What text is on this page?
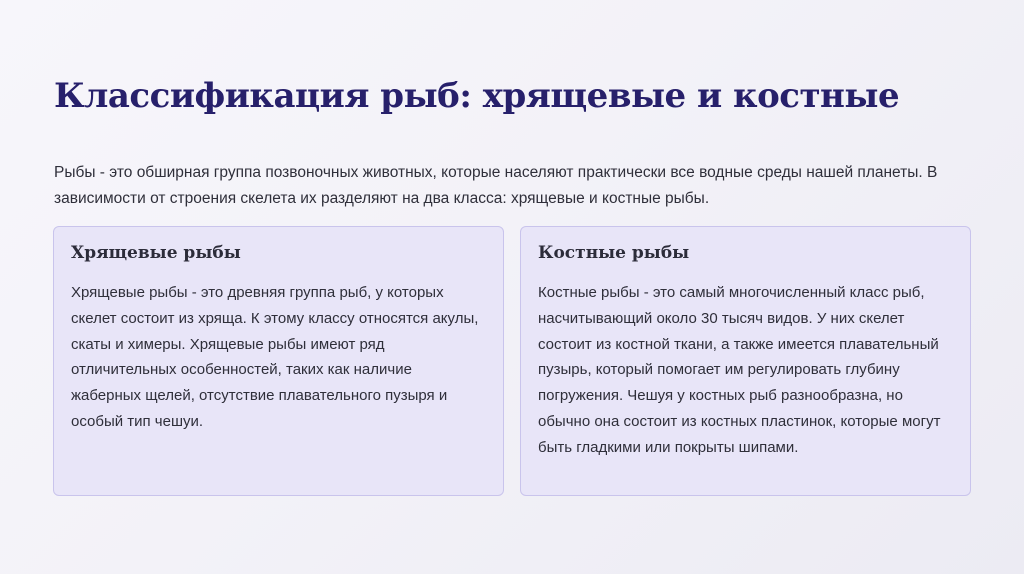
Классификация рыб: хрящевые и костные

Рыбы - это обширная группа позвоночных животных, которые населяют практически все водные среды нашей планеты. В зависимости от строения скелета их разделяют на два класса: хрящевые и костные рыбы.

Хрящевые рыбы

Хрящевые рыбы - это древняя группа рыб, у которых скелет состоит из хряща. К этому классу относятся акулы, скаты и химеры. Хрящевые рыбы имеют ряд отличительных особенностей, таких как наличие жаберных щелей, отсутствие плавательного пузыря и особый тип чешуи.

Костные рыбы

Костные рыбы - это самый многочисленный класс рыб, насчитывающий около 30 тысяч видов. У них скелет состоит из костной ткани, а также имеется плавательный пузырь, который помогает им регулировать глубину погружения. Чешуя у костных рыб разнообразна, но обычно она состоит из костных пластинок, которые могут быть гладкими или покрыты шипами.
